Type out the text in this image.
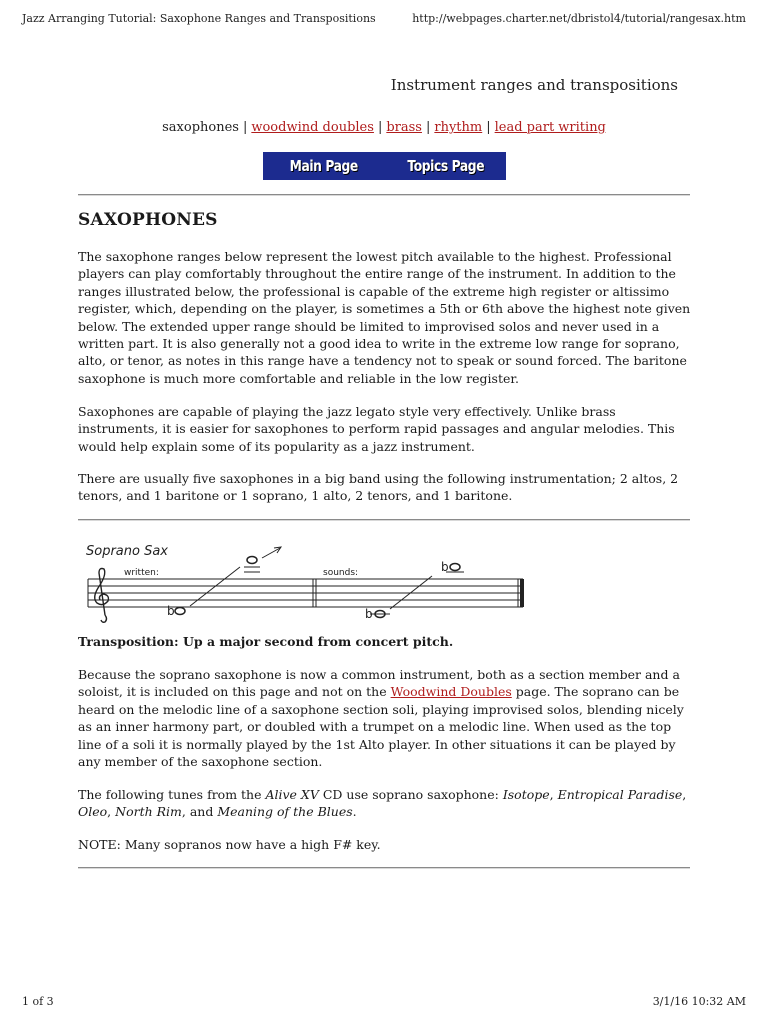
Jazz Arranging Tutorial: Saxophone Ranges and Transpositions	http://webpages.charter.net/dbristol4/tutorial/rangesax.htm
Instrument ranges and transpositions
saxophones | woodwind doubles | brass | rhythm | lead part writing
Main Page	Topics Page
SAXOPHONES

The saxophone ranges below represent the lowest pitch available to the highest. Professional players can play comfortably throughout the entire range of the instrument. In addition to the ranges illustrated below, the professional is capable of the extreme high register or altissimo register, which, depending on the player, is sometimes a 5th or 6th above the highest note given below. The extended upper range should be limited to improvised solos and never used in a written part. It is also generally not a good idea to write in the extreme low range for soprano, alto, or tenor, as notes in this range have a tendency not to speak or sound forced. The baritone saxophone is much more comfortable and reliable in the low register.

Saxophones are capable of playing the jazz legato style very effectively. Unlike brass instruments, it is easier for saxophones to perform rapid passages and angular melodies. This would help explain some of its popularity as a jazz instrument.

There are usually five saxophones in a big band using the following instrumentation; 2 altos, 2 tenors, and 1 baritone or 1 soprano, 1 alto, 2 tenors, and 1 baritone.

Soprano Sax
written:	sounds:
b	b
b
Transposition: Up a major second from concert pitch.

Because the soprano saxophone is now a common instrument, both as a section member and a soloist, it is included on this page and not on the Woodwind Doubles page. The soprano can be heard on the melodic line of a saxophone section soli, playing improvised solos, blending nicely as an inner harmony part, or doubled with a trumpet on a melodic line. When used as the top line of a soli it is normally played by the 1st Alto player. In other situations it can be played by any member of the saxophone section.

The following tunes from the Alive XV CD use soprano saxophone: Isotope, Entropical Paradise, Oleo, North Rim, and Meaning of the Blues.

NOTE: Many sopranos now have a high F# key.
1 of 3	3/1/16 10:32 AM
